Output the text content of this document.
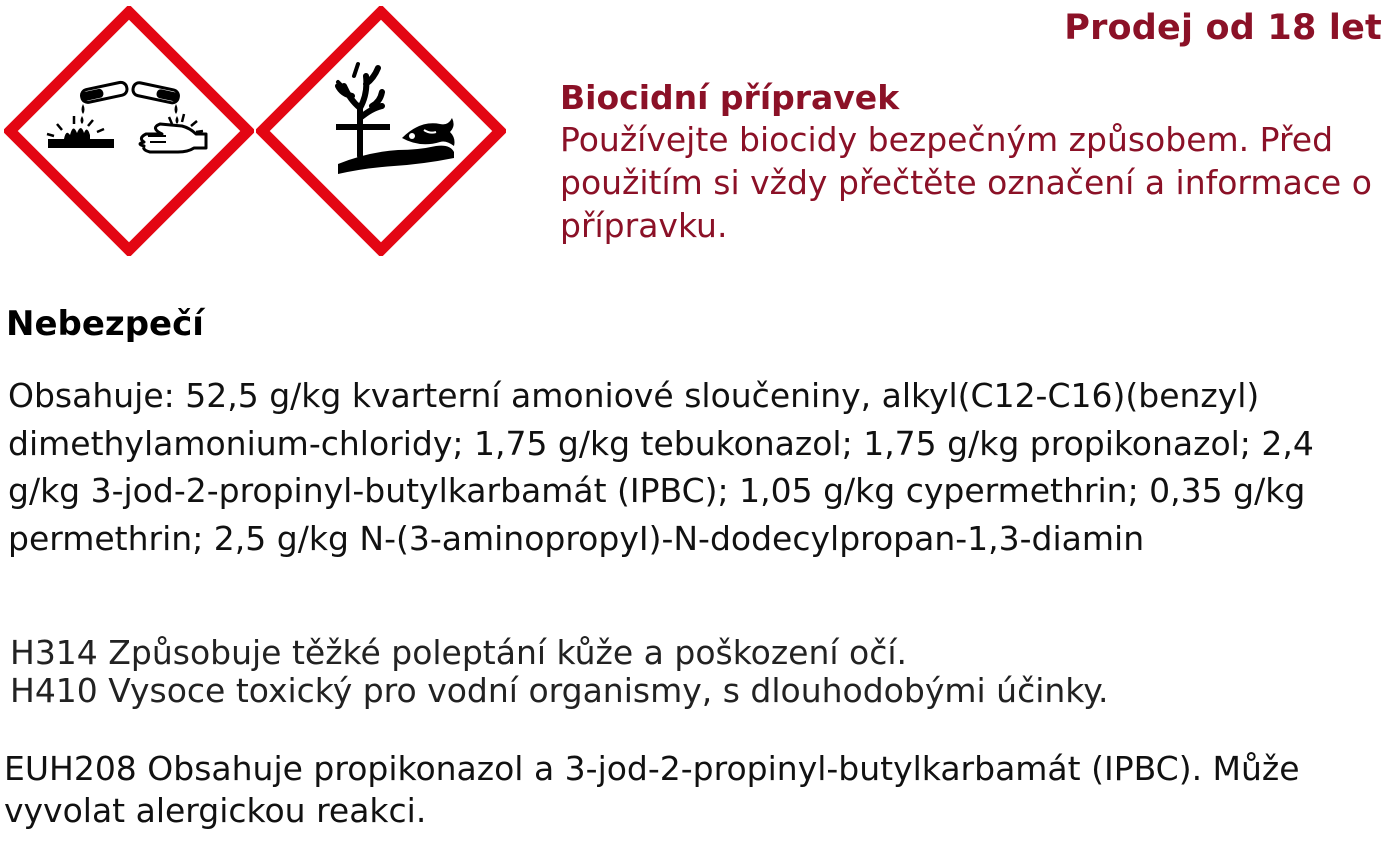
Prodej od 18 let

Biocidní přípravek

Používejte biocidy bezpečným způsobem. Před použitím si vždy přečtěte označení a informace o přípravku.

Nebezpečí

Obsahuje: 52,5 g/kg kvarterní amoniové sloučeniny, alkyl(C12-C16)(benzyl) dimethylamonium-chloridy; 1,75 g/kg tebukonazol; 1,75 g/kg propikonazol; 2,4 g/kg 3-jod-2-propinyl-butylkarbamát (IPBC); 1,05 g/kg cypermethrin; 0,35 g/kg permethrin; 2,5 g/kg N-(3-aminopropyI)-N-dodecylpropan-1,3-diamin

H314 Způsobuje těžké poleptání kůže a poškození očí.
H410 Vysoce toxický pro vodní organismy, s dlouhodobými účinky.

EUH208 Obsahuje propikonazol a 3-jod-2-propinyl-butylkarbamát (IPBC). Může vyvolat alergickou reakci.
